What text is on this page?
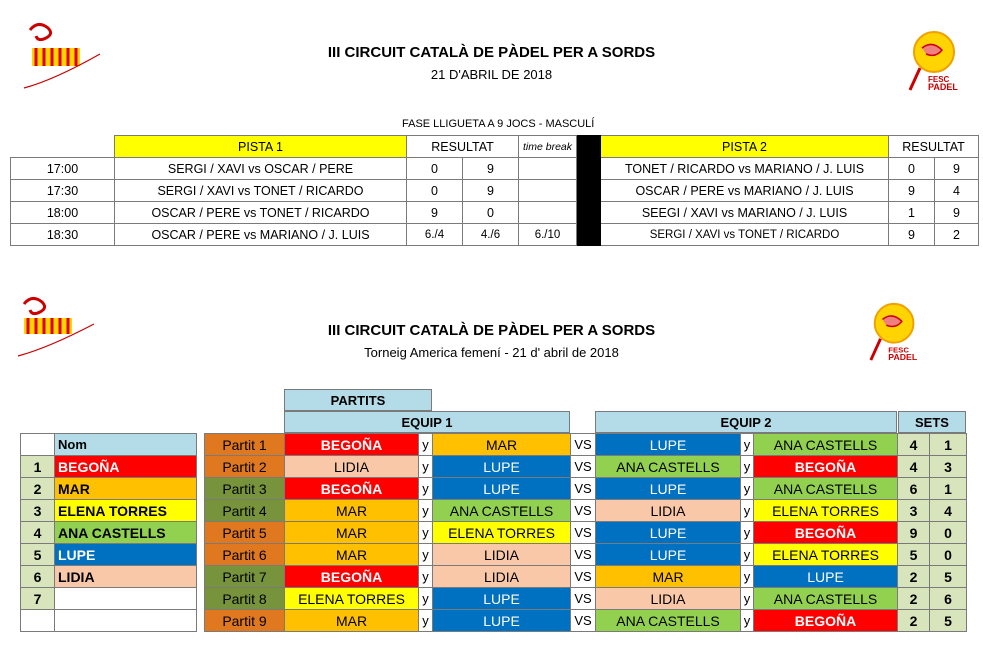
FESC
PADEL
III CIRCUIT CATALÀ DE PÀDEL PER A SORDS
21 D'ABRIL DE 2018
FASE LLIGUETA A 9 JOCS - MASCULÍ
	PISTA 1	RESULTAT		time break		PISTA 2	RESULTAT	
17:00	SERGI / XAVI vs OSCAR / PERE	0	9			TONET / RICARDO vs MARIANO / J. LUIS	0	9
17:30	SERGI / XAVI vs TONET / RICARDO	0	9			OSCAR / PERE vs MARIANO / J. LUIS	9	4
18:00	OSCAR / PERE vs TONET / RICARDO	9	0			SEEGI / XAVI vs MARIANO / J. LUIS	1	9
18:30	OSCAR / PERE vs MARIANO / J. LUIS	6./4	4./6	6./10		SERGI / XAVI vs TONET / RICARDO	9	2
FESC
PADEL
III CIRCUIT CATALÀ DE PÀDEL PER A SORDS
Torneig America femení - 21 d' abril de 2018
PARTITS
EQUIP 1	EQUIP 2	SETS
	Nom
1	BEGOÑA
2	MAR
3	ELENA TORRES
4	ANA CASTELLS
5	LUPE
6	LIDIA
7	

Partit 1	BEGOÑA	y	MAR	VS	LUPE	y	ANA CASTELLS	4	1
Partit 2	LIDIA	y	LUPE	VS	ANA CASTELLS	y	BEGOÑA	4	3
Partit 3	BEGOÑA	y	LUPE	VS	LUPE	y	ANA CASTELLS	6	1
Partit 4	MAR	y	ANA CASTELLS	VS	LIDIA	y	ELENA TORRES	3	4
Partit 5	MAR	y	ELENA TORRES	VS	LUPE	y	BEGOÑA	9	0
Partit 6	MAR	y	LIDIA	VS	LUPE	y	ELENA TORRES	5	0
Partit 7	BEGOÑA	y	LIDIA	VS	MAR	y	LUPE	2	5
Partit 8	ELENA TORRES	y	LUPE	VS	LIDIA	y	ANA CASTELLS	2	6
Partit 9	MAR	y	LUPE	VS	ANA CASTELLS	y	BEGOÑA	2	5
